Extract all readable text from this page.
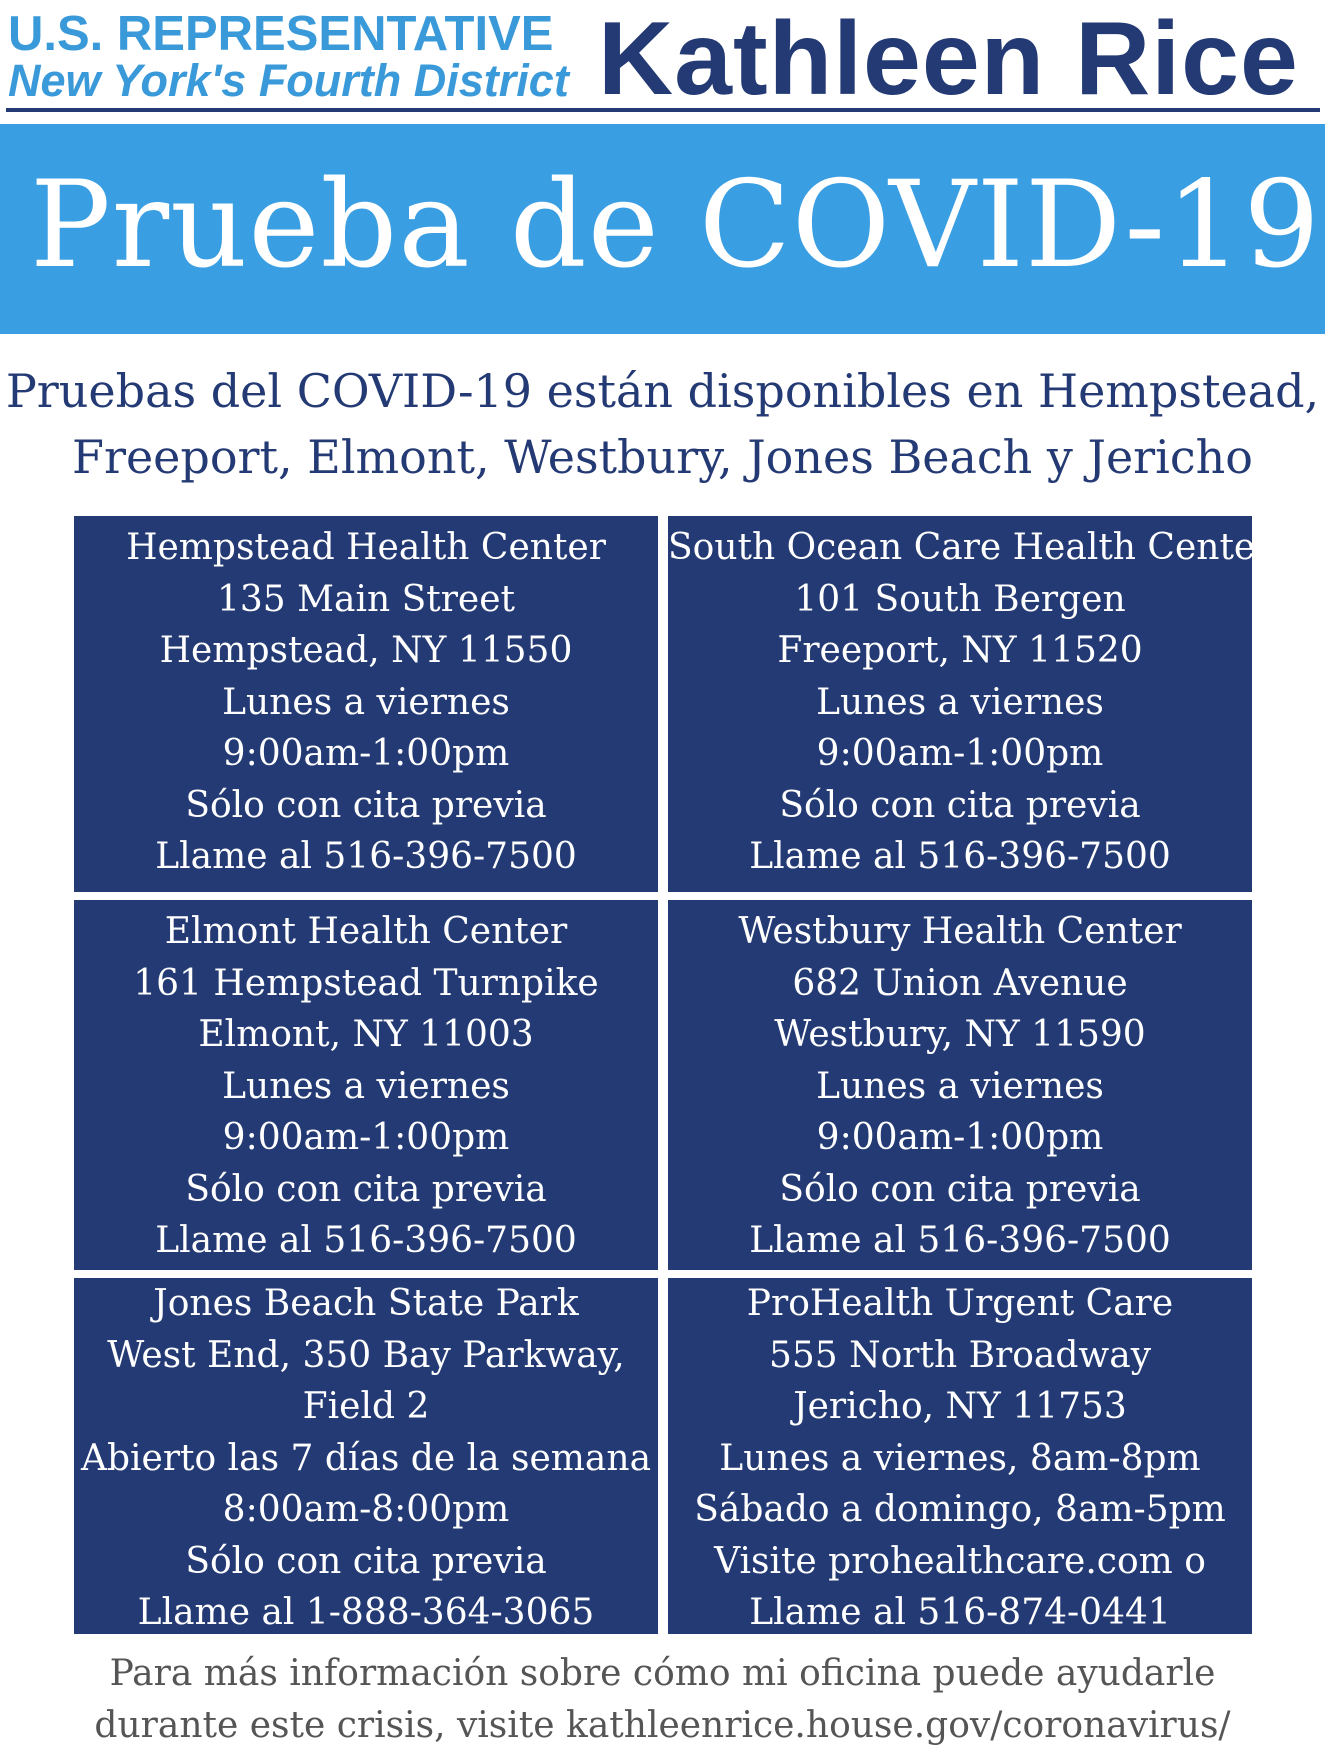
U.S. REPRESENTATIVE
New York's Fourth District Kathleen Rice
Prueba de COVID-19
Pruebas del COVID-19 están disponibles en Hempstead,
Freeport, Elmont, Westbury, Jones Beach y Jericho
Hempstead Health Center
135 Main Street
Hempstead, NY 11550
Lunes a viernes
9:00am-1:00pm
Sólo con cita previa
Llame al 516-396-7500
South Ocean Care Health Center
101 South Bergen
Freeport, NY 11520
Lunes a viernes
9:00am-1:00pm
Sólo con cita previa
Llame al 516-396-7500
Elmont Health Center
161 Hempstead Turnpike
Elmont, NY 11003
Lunes a viernes
9:00am-1:00pm
Sólo con cita previa
Llame al 516-396-7500
Westbury Health Center
682 Union Avenue
Westbury, NY 11590
Lunes a viernes
9:00am-1:00pm
Sólo con cita previa
Llame al 516-396-7500
Jones Beach State Park
West End, 350 Bay Parkway,
Field 2
Abierto las 7 días de la semana
8:00am-8:00pm
Sólo con cita previa
Llame al 1-888-364-3065
ProHealth Urgent Care
555 North Broadway
Jericho, NY 11753
Lunes a viernes, 8am-8pm
Sábado a domingo, 8am-5pm
Visite prohealthcare.com o
Llame al 516-874-0441
Para más información sobre cómo mi oficina puede ayudarle
durante este crisis, visite kathleenrice.house.gov/coronavirus/
